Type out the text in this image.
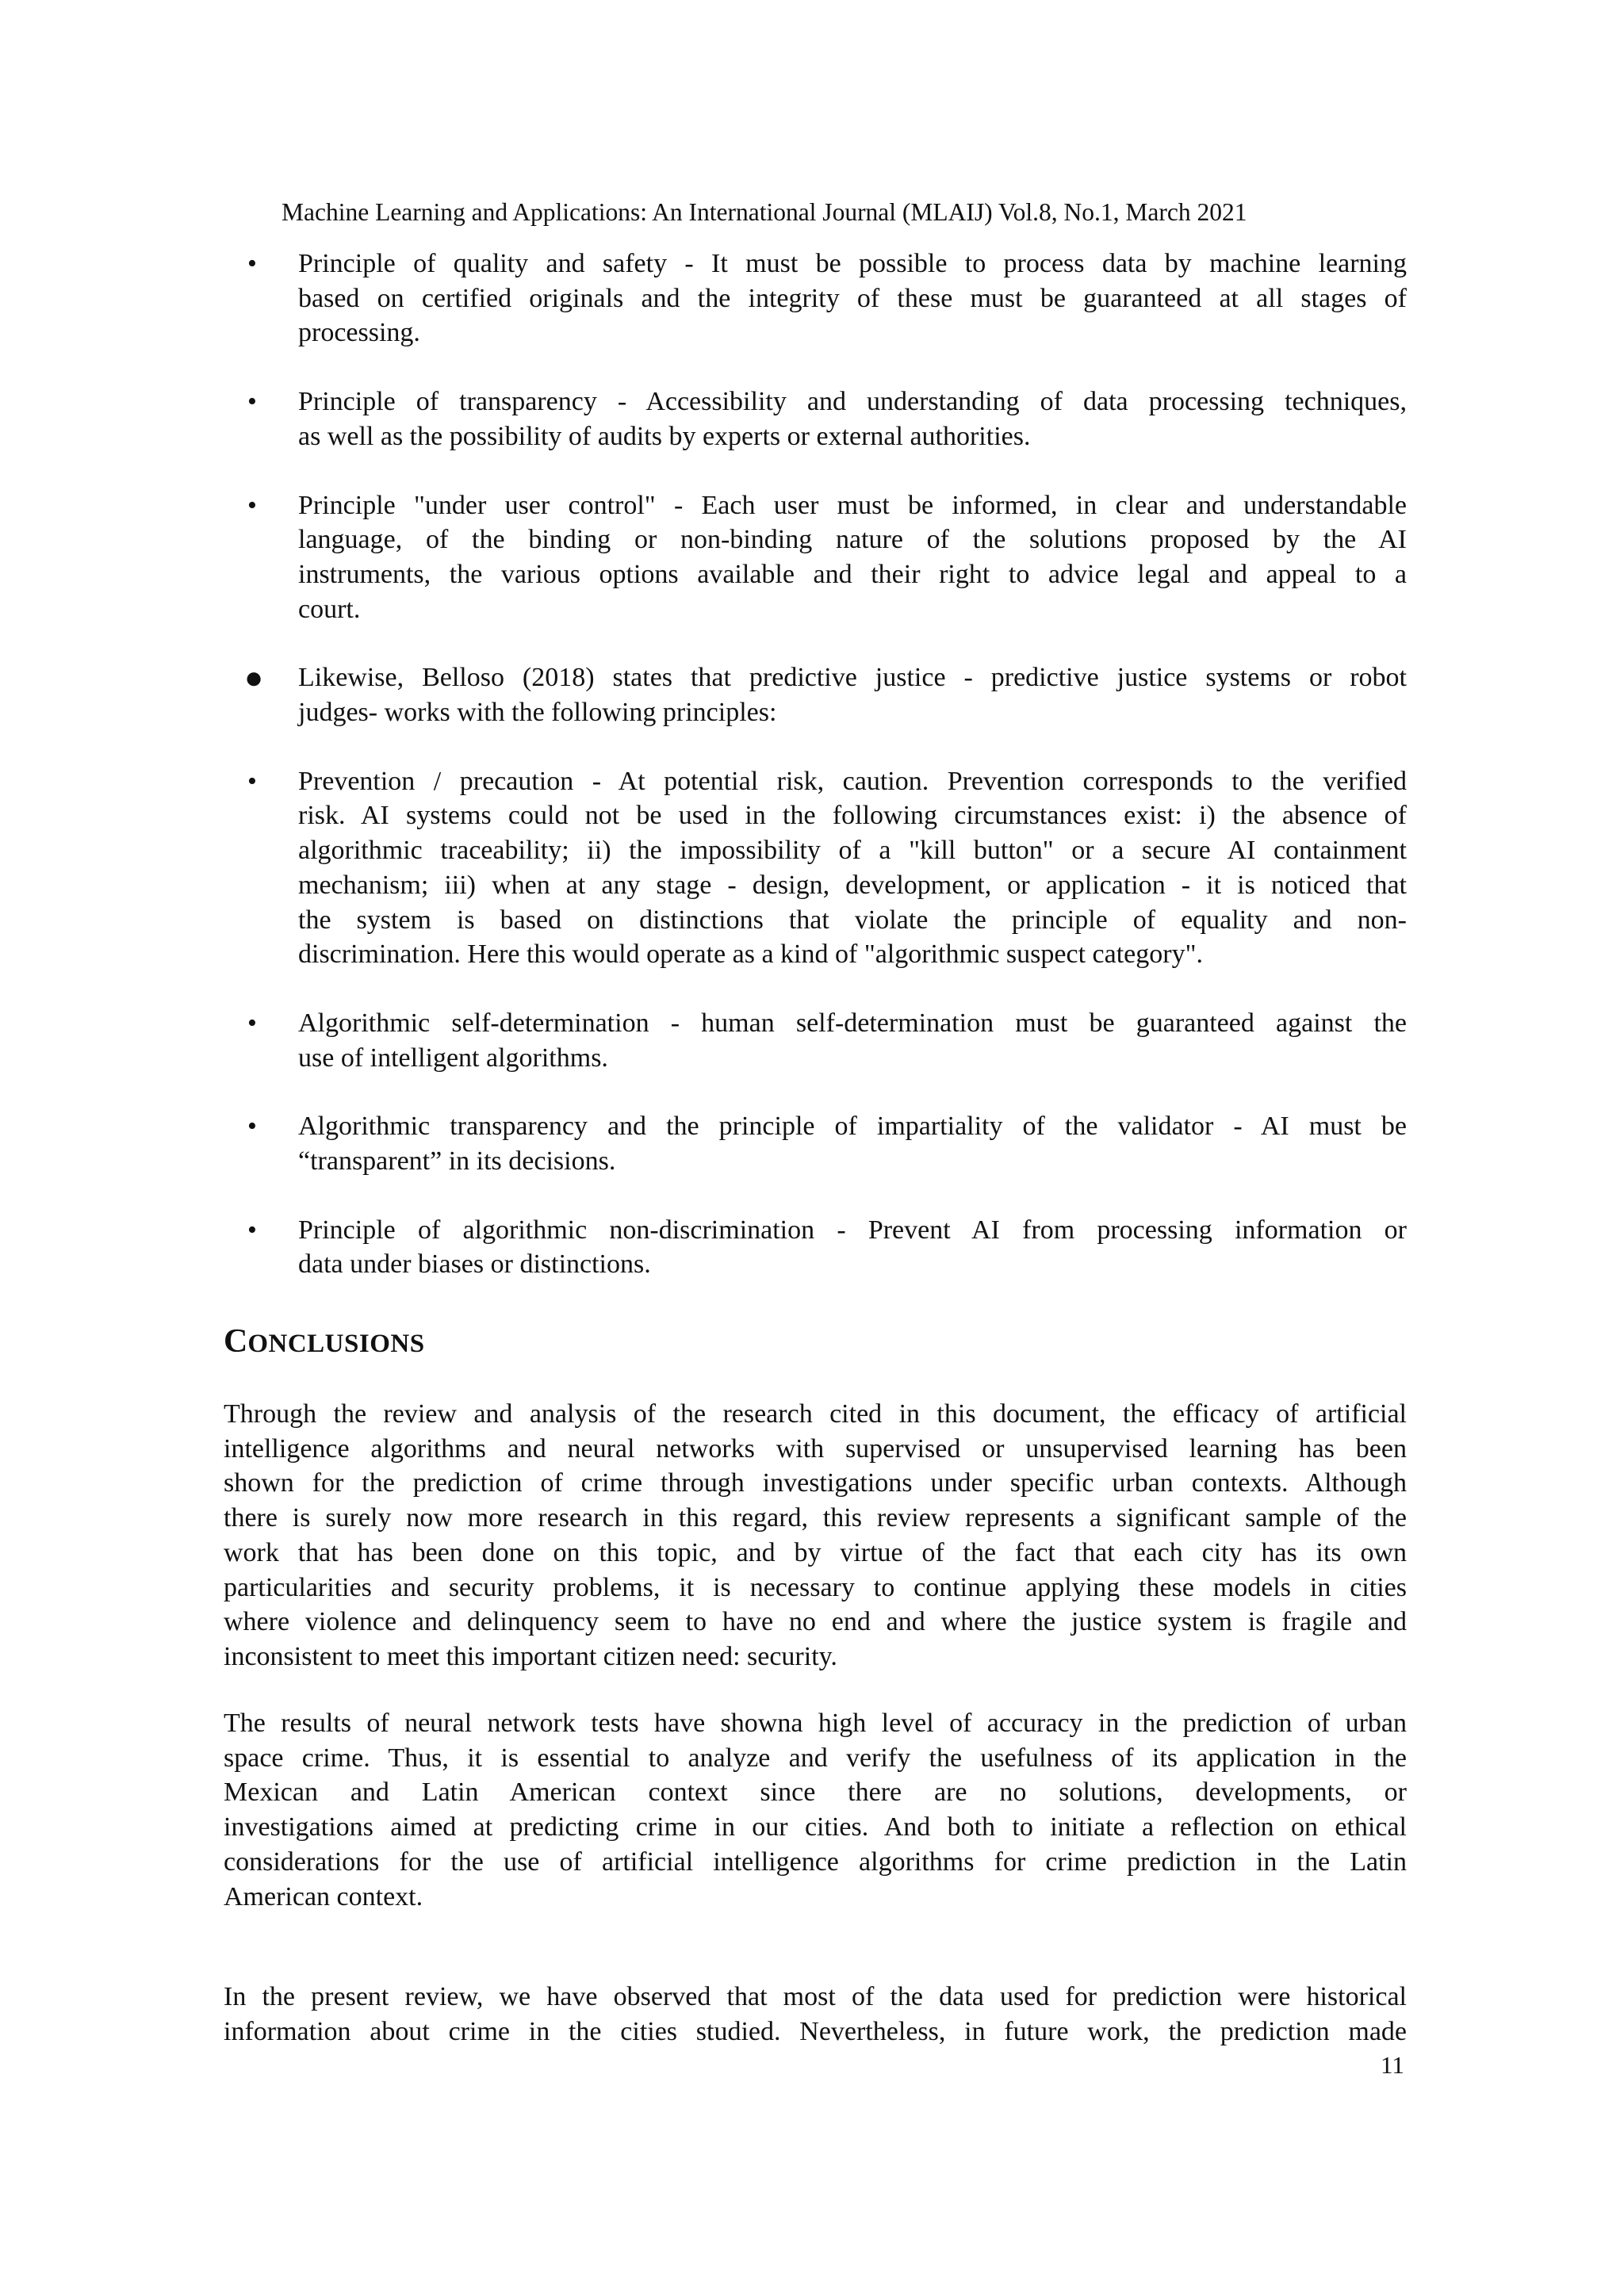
Machine Learning and Applications: An International Journal (MLAIJ) Vol.8, No.1, March 2021
• Principle of quality and safety - It must be possible to process data by machine learning
based on certified originals and the integrity of these must be guaranteed at all stages of
processing.
• Principle of transparency - Accessibility and understanding of data processing techniques,
as well as the possibility of audits by experts or external authorities.
• Principle "under user control" - Each user must be informed, in clear and understandable
language, of the binding or non-binding nature of the solutions proposed by the AI
instruments, the various options available and their right to advice legal and appeal to a
court.
● Likewise, Belloso (2018) states that predictive justice - predictive justice systems or robot
judges- works with the following principles:
• Prevention / precaution - At potential risk, caution. Prevention corresponds to the verified
risk. AI systems could not be used in the following circumstances exist: i) the absence of
algorithmic traceability; ii) the impossibility of a "kill button" or a secure AI containment
mechanism; iii) when at any stage - design, development, or application - it is noticed that
the system is based on distinctions that violate the principle of equality and non-
discrimination. Here this would operate as a kind of "algorithmic suspect category".
• Algorithmic self-determination - human self-determination must be guaranteed against the
use of intelligent algorithms.
• Algorithmic transparency and the principle of impartiality of the validator - AI must be
“transparent” in its decisions.
• Principle of algorithmic non-discrimination - Prevent AI from processing information or
data under biases or distinctions.
CONCLUSIONS

Through the review and analysis of the research cited in this document, the efficacy of artificial
intelligence algorithms and neural networks with supervised or unsupervised learning has been
shown for the prediction of crime through investigations under specific urban contexts. Although
there is surely now more research in this regard, this review represents a significant sample of the
work that has been done on this topic, and by virtue of the fact that each city has its own
particularities and security problems, it is necessary to continue applying these models in cities
where violence and delinquency seem to have no end and where the justice system is fragile and
inconsistent to meet this important citizen need: security.

The results of neural network tests have showna high level of accuracy in the prediction of urban
space crime. Thus, it is essential to analyze and verify the usefulness of its application in the
Mexican and Latin American context since there are no solutions, developments, or
investigations aimed at predicting crime in our cities. And both to initiate a reflection on ethical
considerations for the use of artificial intelligence algorithms for crime prediction in the Latin
American context.

In the present review, we have observed that most of the data used for prediction were historical
information about crime in the cities studied. Nevertheless, in future work, the prediction made

11
